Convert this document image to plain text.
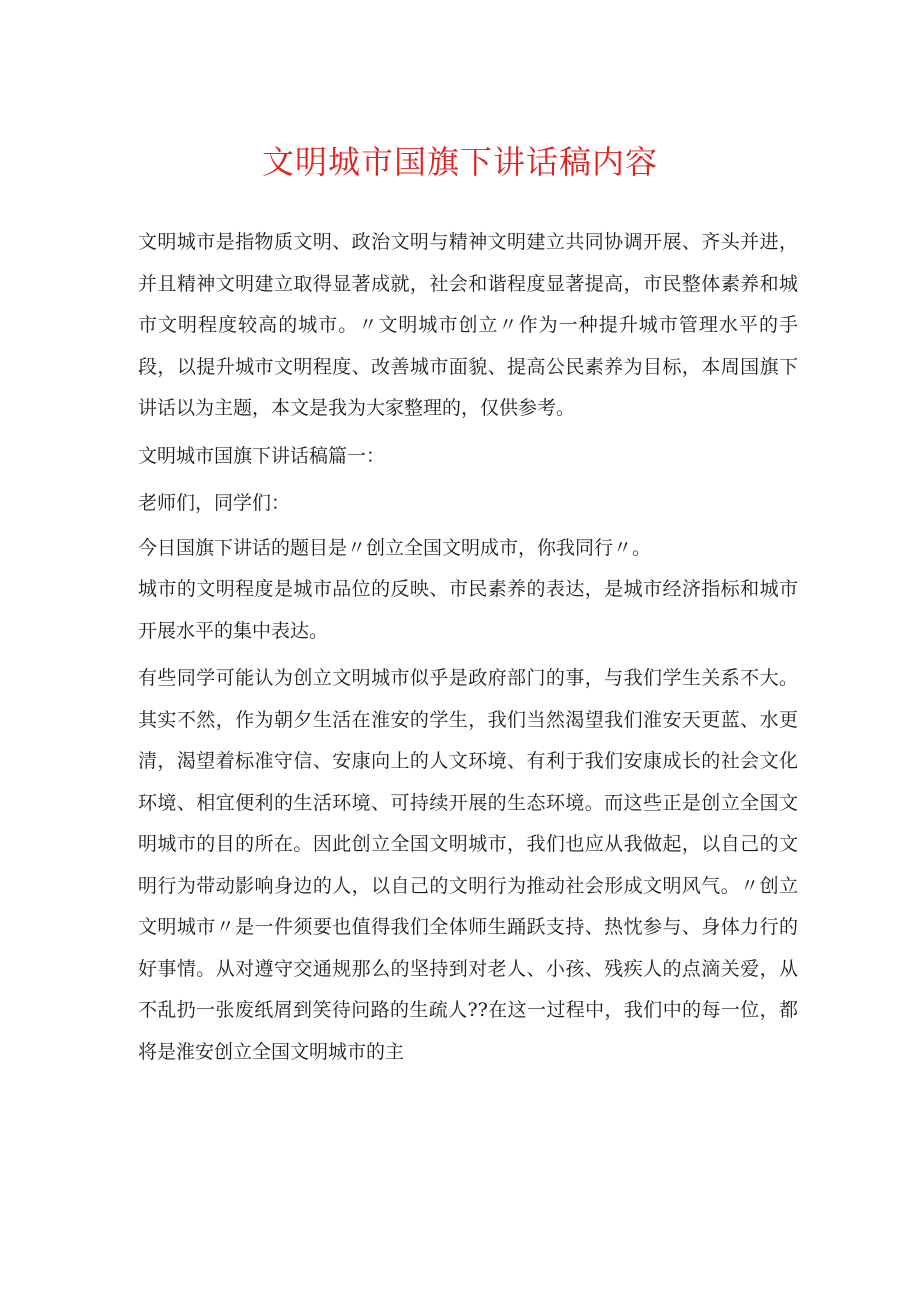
文明城市国旗下讲话稿内容

文明城市是指物质文明、政治文明与精神文明建立共同协调开展、齐头并进，并且精神文明建立取得显著成就，社会和谐程度显著提高，市民整体素养和城市文明程度较高的城市。〃文明城市创立〃作为一种提升城市管理水平的手段，以提升城市文明程度、改善城市面貌、提高公民素养为目标，本周国旗下讲话以为主题，本文是我为大家整理的，仅供参考。

文明城市国旗下讲话稿篇一：

老师们，同学们：

今日国旗下讲话的题目是〃创立全国文明成市，你我同行〃。

城市的文明程度是城市品位的反映、市民素养的表达，是城市经济指标和城市开展水平的集中表达。

有些同学可能认为创立文明城市似乎是政府部门的事，与我们学生关系不大。其实不然，作为朝夕生活在淮安的学生，我们当然渴望我们淮安天更蓝、水更清，渴望着标准守信、安康向上的人文环境、有利于我们安康成长的社会文化环境、相宜便利的生活环境、可持续开展的生态环境。而这些正是创立全国文明城市的目的所在。因此创立全国文明城市，我们也应从我做起，以自己的文明行为带动影响身边的人，以自己的文明行为推动社会形成文明风气。〃创立文明城市〃是一件须要也值得我们全体师生踊跃支持、热忱参与、身体力行的好事情。从对遵守交通规那么的坚持到对老人、小孩、残疾人的点滴关爱，从不乱扔一张废纸屑到笑待问路的生疏人??在这一过程中，我们中的每一位，都将是淮安创立全国文明城市的主
